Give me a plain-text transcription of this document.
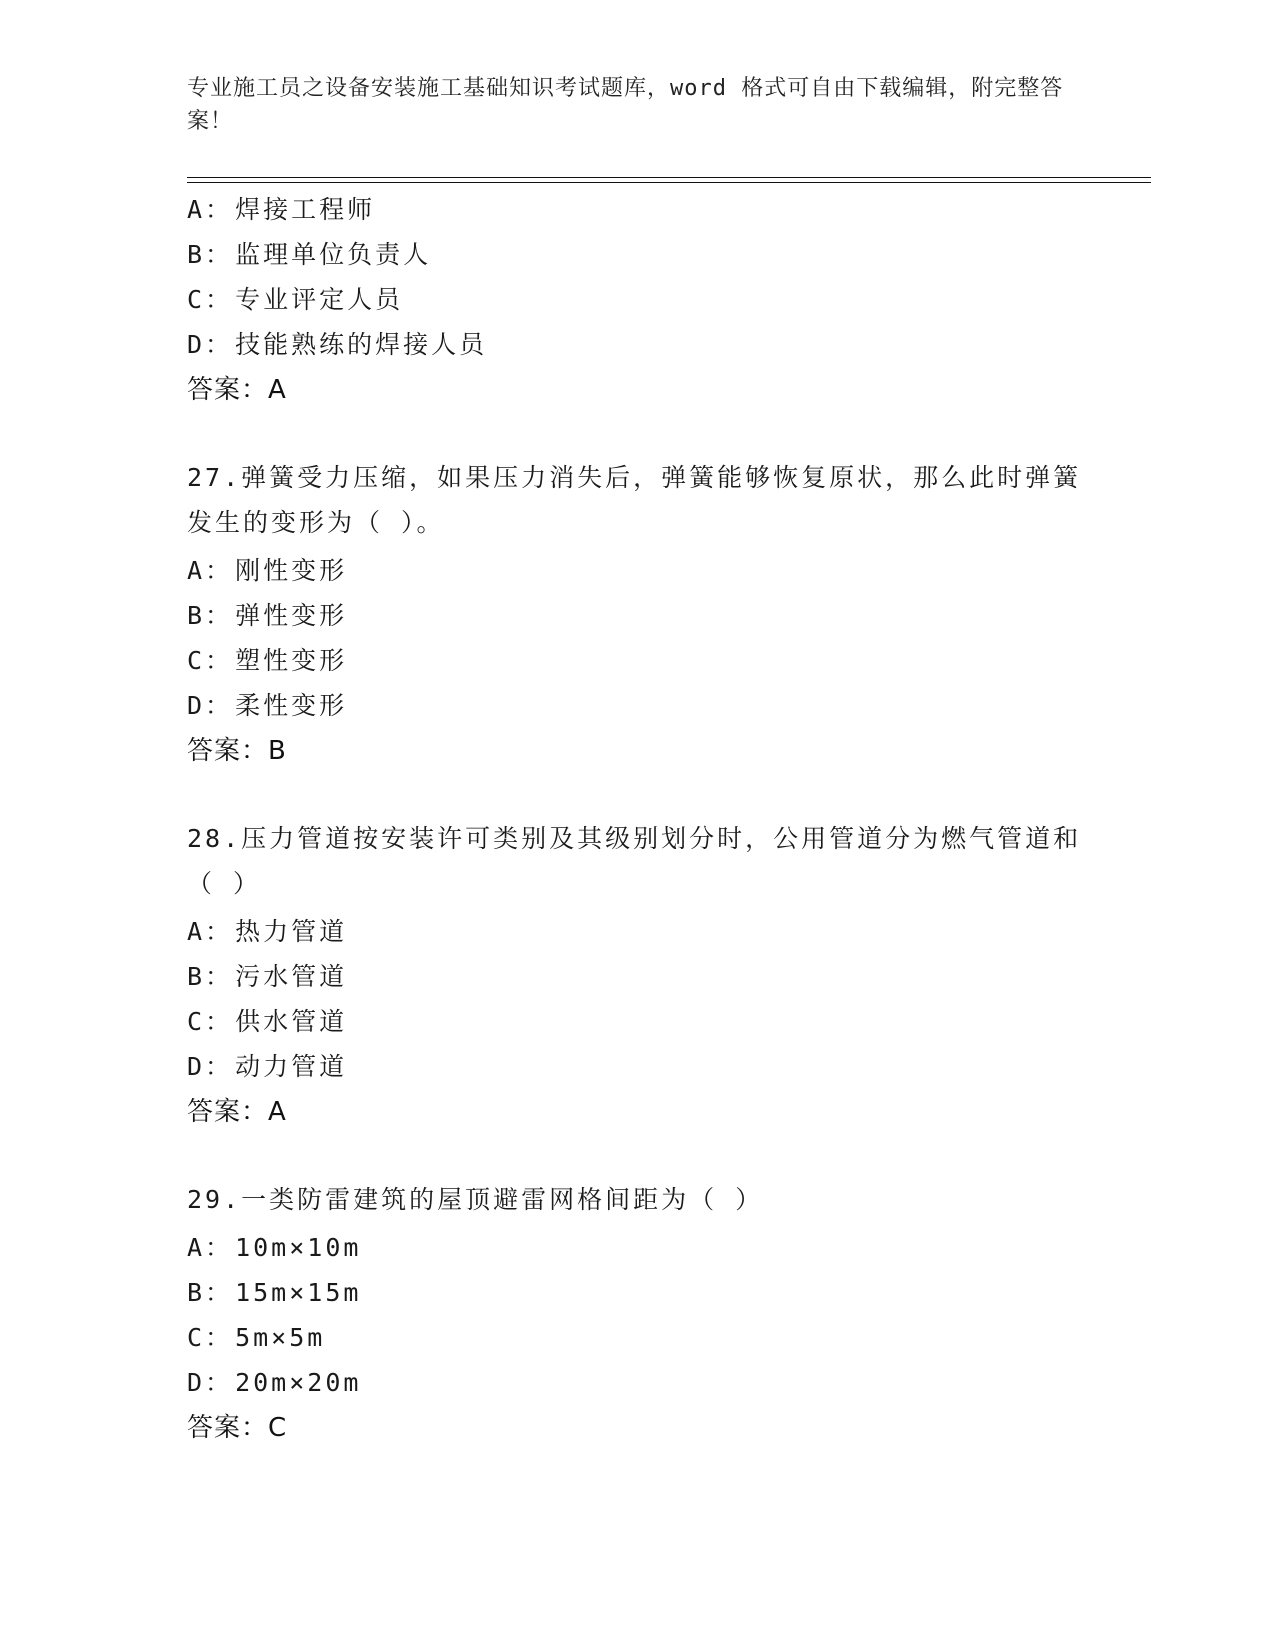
专业施工员之设备安装施工基础知识考试题库，word 格式可自由下载编辑，附完整答案！
A：焊接工程师
B：监理单位负责人
C：专业评定人员
D：技能熟练的焊接人员
答案：A
27.弹簧受力压缩，如果压力消失后，弹簧能够恢复原状，那么此时弹簧发生的变形为（ ）。
A：刚性变形
B：弹性变形
C：塑性变形
D：柔性变形
答案：B
28.压力管道按安装许可类别及其级别划分时，公用管道分为燃气管道和（ ）
A：热力管道
B：污水管道
C：供水管道
D：动力管道
答案：A
29.一类防雷建筑的屋顶避雷网格间距为（ ）
A：10m×10m
B：15m×15m
C：5m×5m
D：20m×20m
答案：C
